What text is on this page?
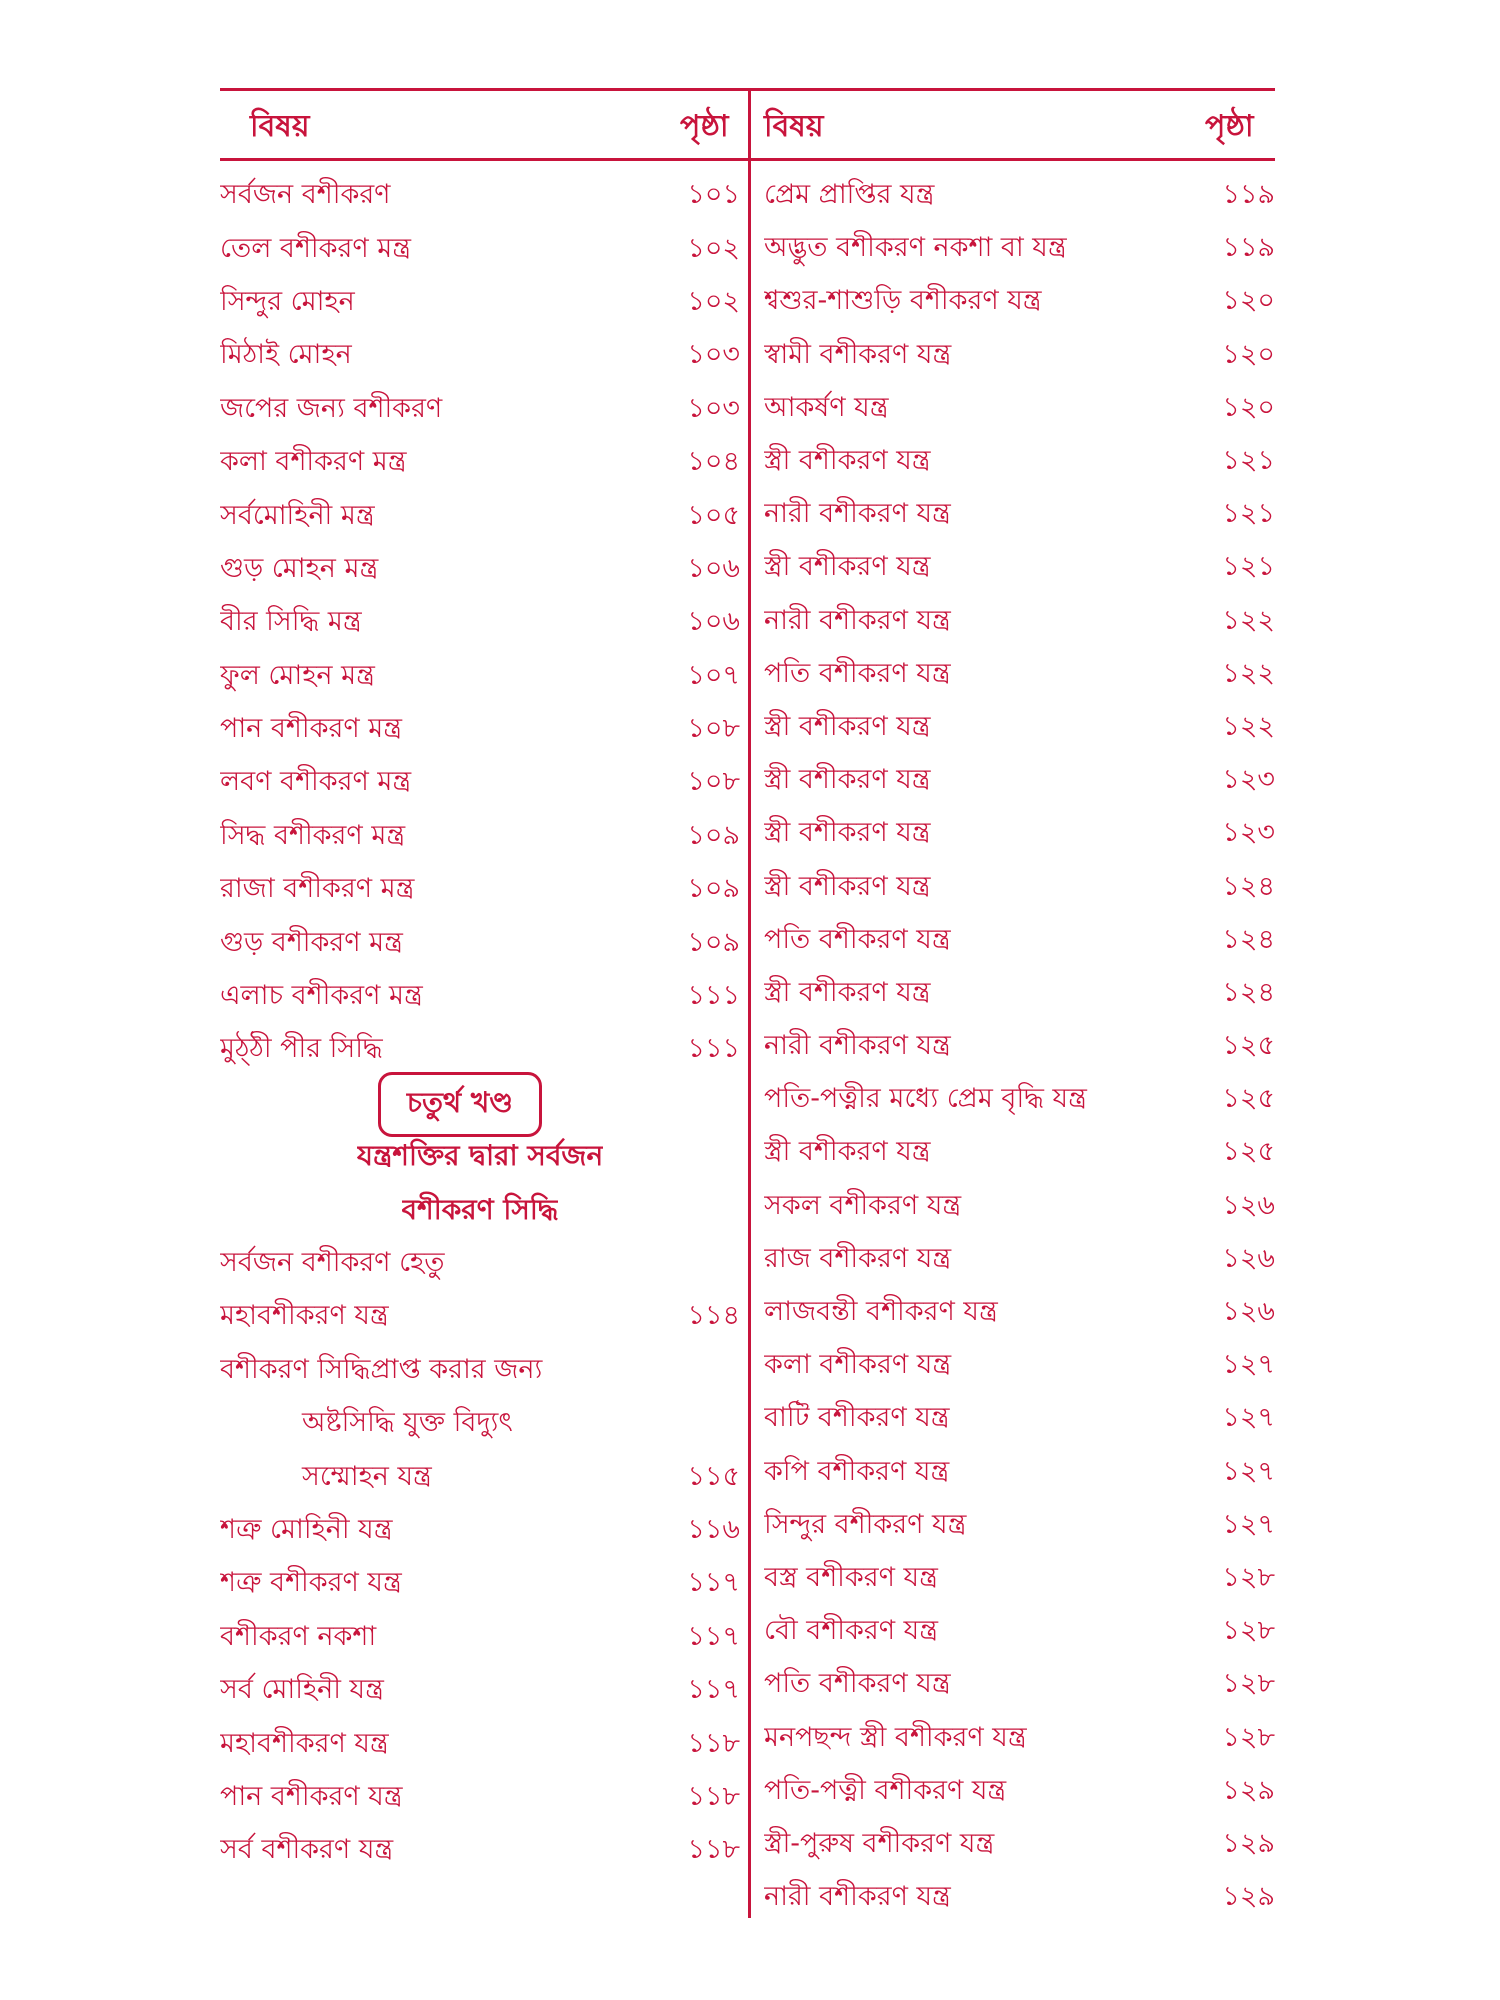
বিষয়	পৃষ্ঠা বিষয়	পৃষ্ঠা
সর্বজন বশীকরণ	১০১
তেল বশীকরণ মন্ত্র	১০২
সিন্দুর মোহন	১০২
মিঠাই মোহন	১০৩
জপের জন্য বশীকরণ	১০৩
কলা বশীকরণ মন্ত্র	১০৪
সর্বমোহিনী মন্ত্র	১০৫
গুড় মোহন মন্ত্র	১০৬
বীর সিদ্ধি মন্ত্র	১০৬
ফুল মোহন মন্ত্র	১০৭
পান বশীকরণ মন্ত্র	১০৮
লবণ বশীকরণ মন্ত্র	১০৮
সিদ্ধ বশীকরণ মন্ত্র	১০৯
রাজা বশীকরণ মন্ত্র	১০৯
গুড় বশীকরণ মন্ত্র	১০৯
এলাচ বশীকরণ মন্ত্র	১১১
মুঠ্‌ঠী পীর সিদ্ধি	১১১
চতুর্থ খণ্ড
যন্ত্রশক্তির দ্বারা সর্বজন
বশীকরণ সিদ্ধি
সর্বজন বশীকরণ হেতু
মহাবশীকরণ যন্ত্র	১১৪
বশীকরণ সিদ্ধিপ্রাপ্ত করার জন্য
অষ্টসিদ্ধি যুক্ত বিদ্যুৎ
সম্মোহন যন্ত্র	১১৫
শত্রু মোহিনী যন্ত্র	১১৬
শত্রু বশীকরণ যন্ত্র	১১৭
বশীকরণ নকশা	১১৭
সর্ব মোহিনী যন্ত্র	১১৭
মহাবশীকরণ যন্ত্র	১১৮
পান বশীকরণ যন্ত্র	১১৮
সর্ব বশীকরণ যন্ত্র	১১৮
প্রেম প্রাপ্তির যন্ত্র	১১৯
অদ্ভুত বশীকরণ নকশা বা যন্ত্র	১১৯
শ্বশুর-শাশুড়ি বশীকরণ যন্ত্র	১২০
স্বামী বশীকরণ যন্ত্র	১২০
আকর্ষণ যন্ত্র	১২০
স্ত্রী বশীকরণ যন্ত্র	১২১
নারী বশীকরণ যন্ত্র	১২১
স্ত্রী বশীকরণ যন্ত্র	১২১
নারী বশীকরণ যন্ত্র	১২২
পতি বশীকরণ যন্ত্র	১২২
স্ত্রী বশীকরণ যন্ত্র	১২২
স্ত্রী বশীকরণ যন্ত্র	১২৩
স্ত্রী বশীকরণ যন্ত্র	১২৩
স্ত্রী বশীকরণ যন্ত্র	১২৪
পতি বশীকরণ যন্ত্র	১২৪
স্ত্রী বশীকরণ যন্ত্র	১২৪
নারী বশীকরণ যন্ত্র	১২৫
পতি-পত্নীর মধ্যে প্রেম বৃদ্ধি যন্ত্র	১২৫
স্ত্রী বশীকরণ যন্ত্র	১২৫
সকল বশীকরণ যন্ত্র	১২৬
রাজ বশীকরণ যন্ত্র	১২৬
লাজবন্তী বশীকরণ যন্ত্র	১২৬
কলা বশীকরণ যন্ত্র	১২৭
বাটি বশীকরণ যন্ত্র	১২৭
কপি বশীকরণ যন্ত্র	১২৭
সিন্দুর বশীকরণ যন্ত্র	১২৭
বস্ত্র বশীকরণ যন্ত্র	১২৮
বৌ বশীকরণ যন্ত্র	১২৮
পতি বশীকরণ যন্ত্র	১২৮
মনপছন্দ স্ত্রী বশীকরণ যন্ত্র	১২৮
পতি-পত্নী বশীকরণ যন্ত্র	১২৯
স্ত্রী-পুরুষ বশীকরণ যন্ত্র	১২৯
নারী বশীকরণ যন্ত্র	১২৯
